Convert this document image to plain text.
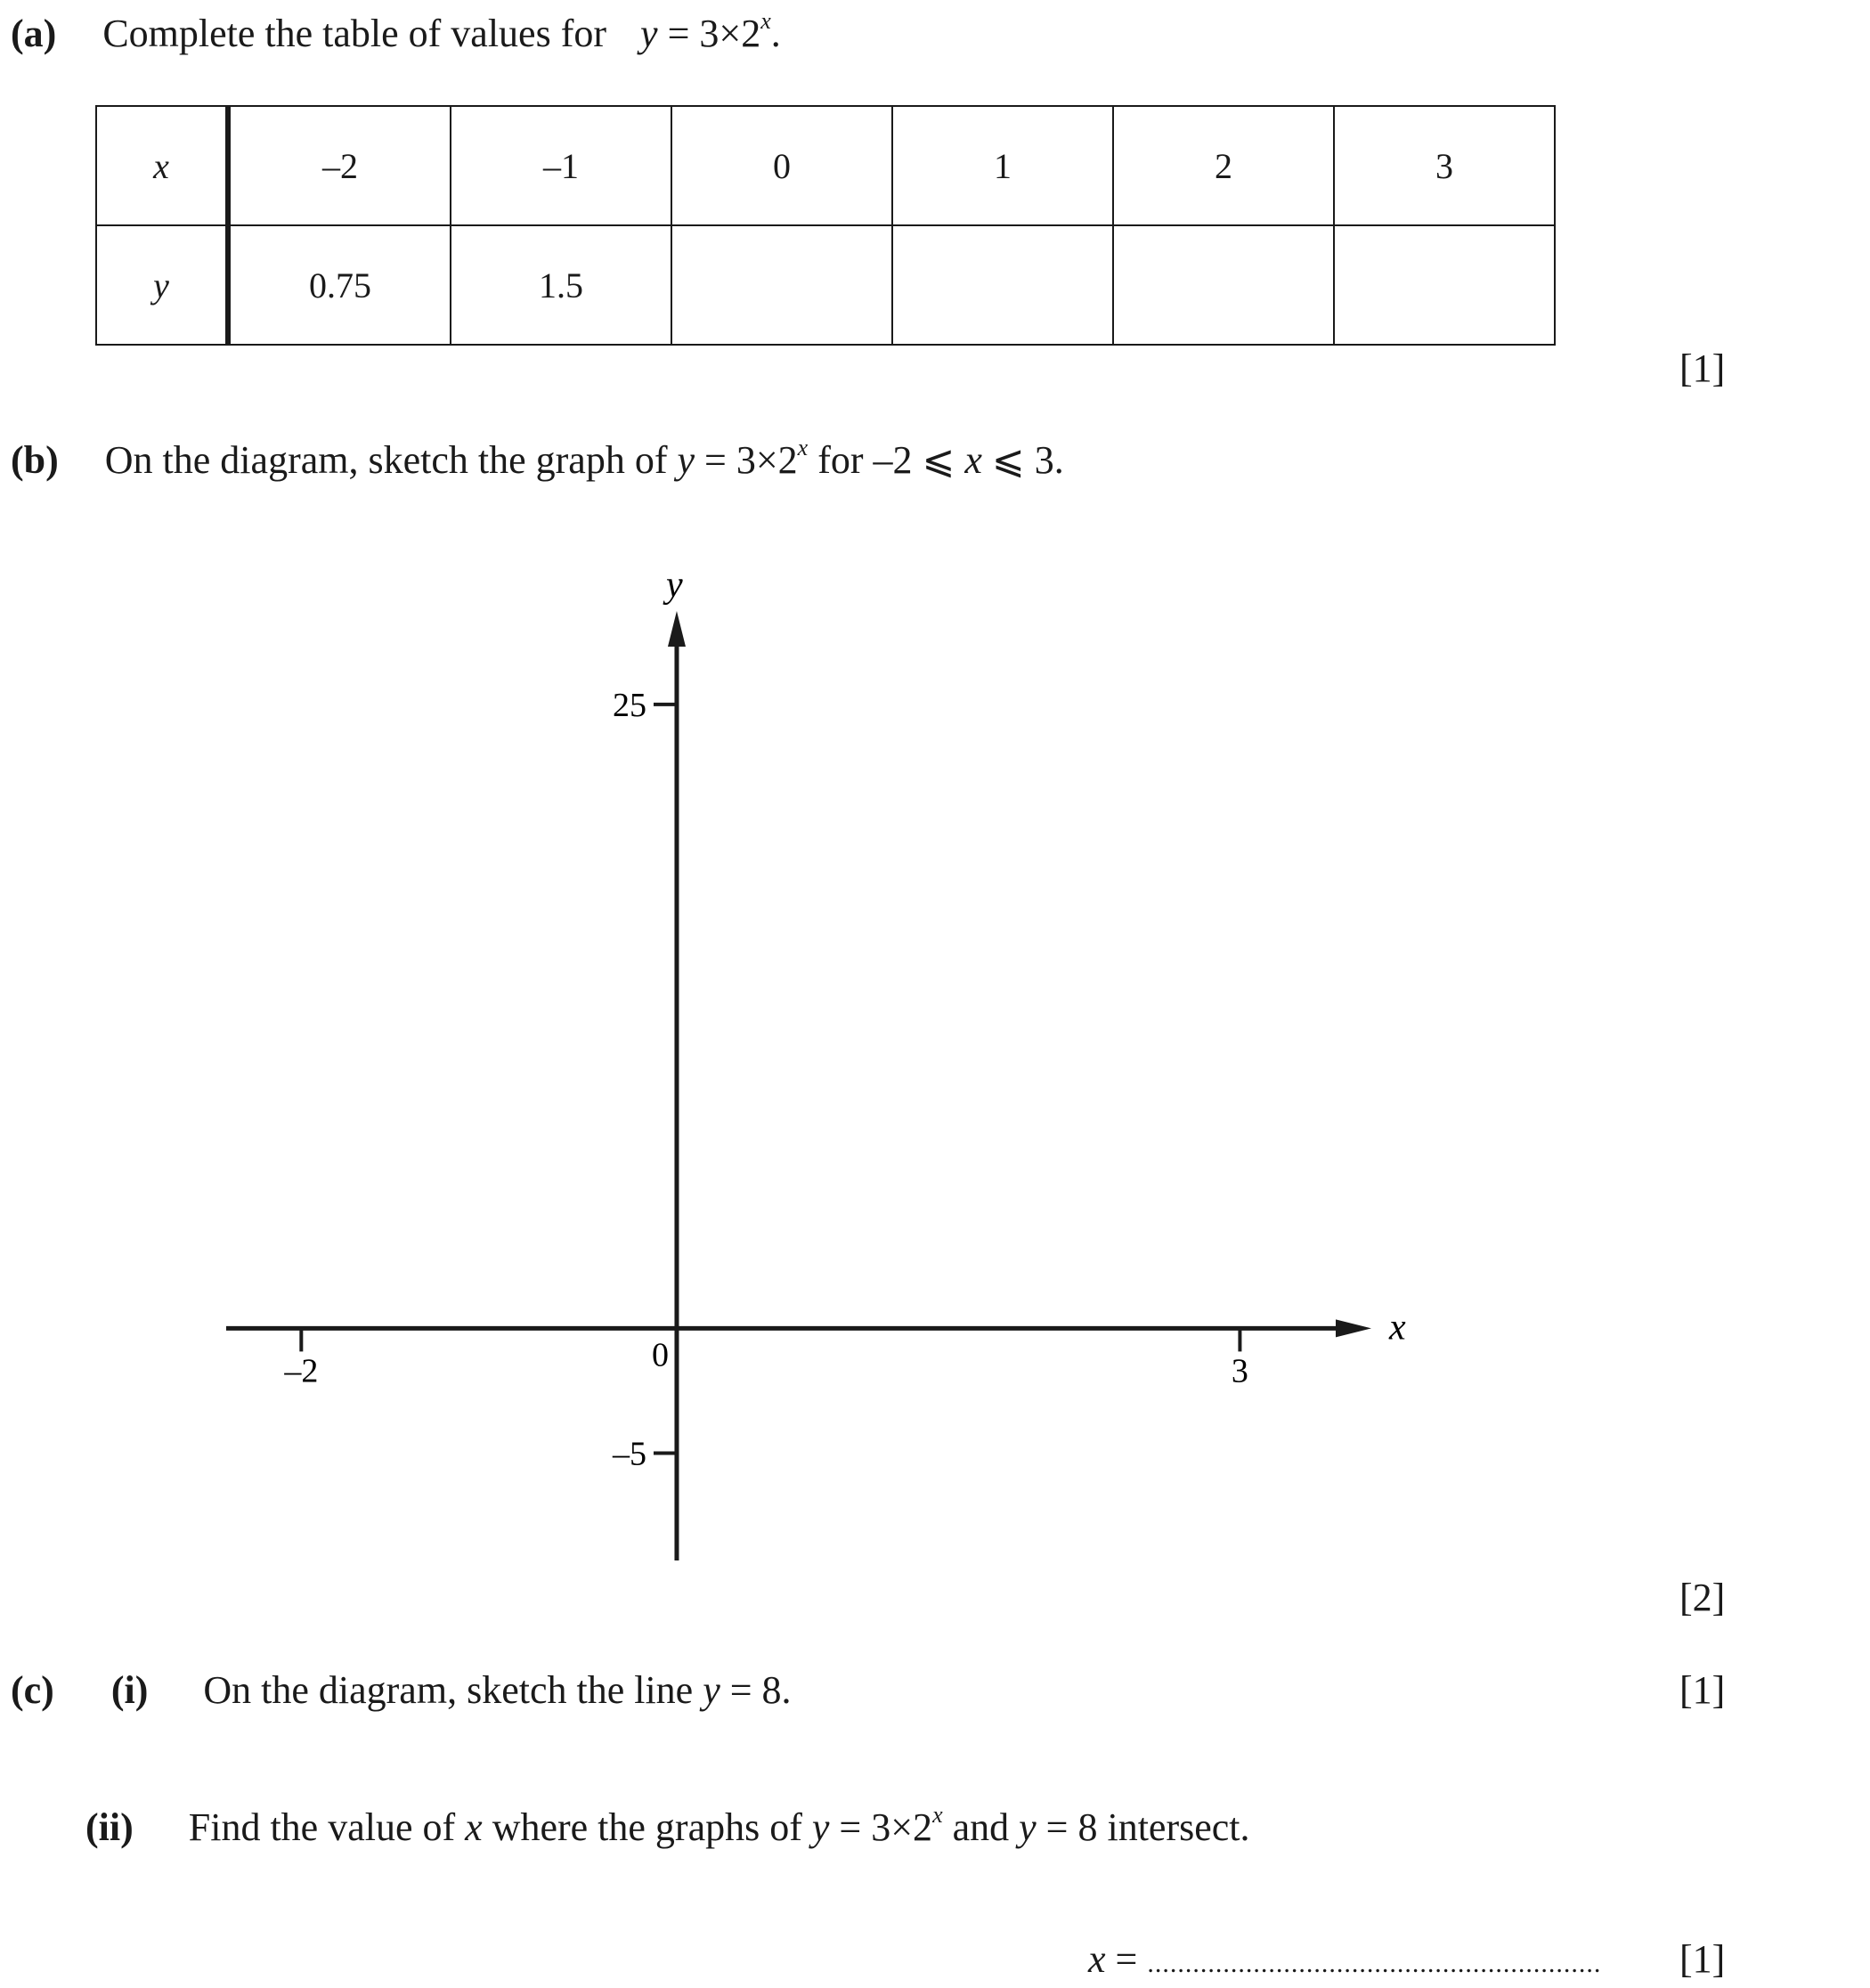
(a) Complete the table of values for $y = 3\times 2^x$.
x	–2	–1	0	1	2	3
y	0.75	1.5				
[1]
(b) On the diagram, sketch the graph of $y = 3\times 2^x$ for –2 ⩽ x ⩽ 3.
–2	3
25
–5
x
y
0
[2]
(c) (i) On the diagram, sketch the line y = 8.	[1]
(ii) Find the value of x where the graphs of $y = 3\times 2^x$ and y = 8 intersect.
x = ............................................................ [1]
